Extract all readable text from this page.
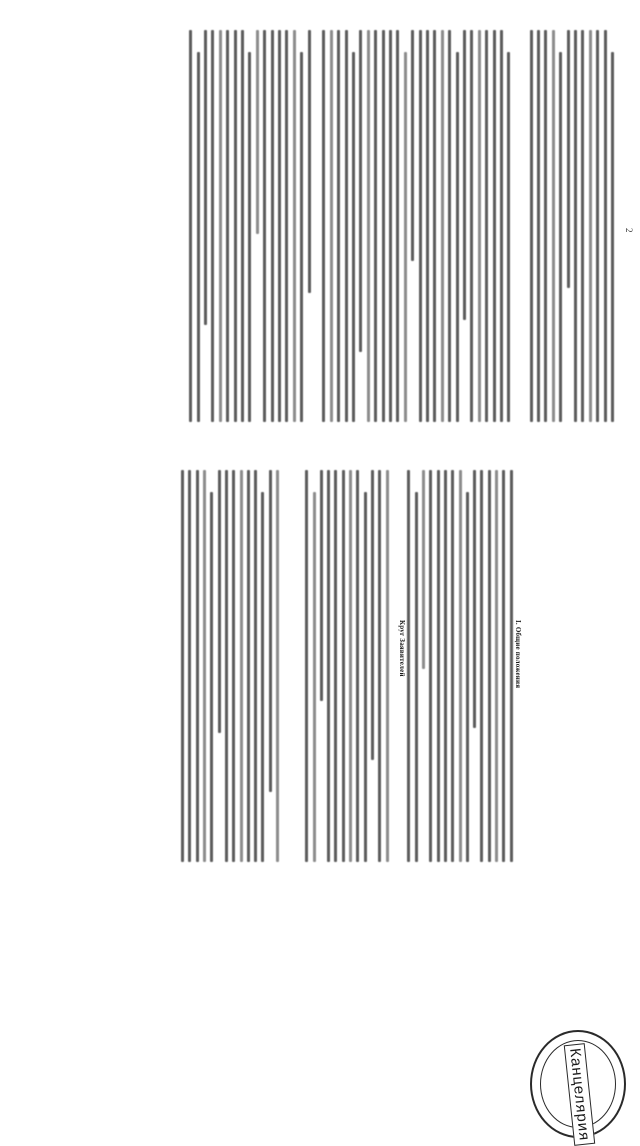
Канцелярия
I. Общие положения
Круг Заявителей
2
